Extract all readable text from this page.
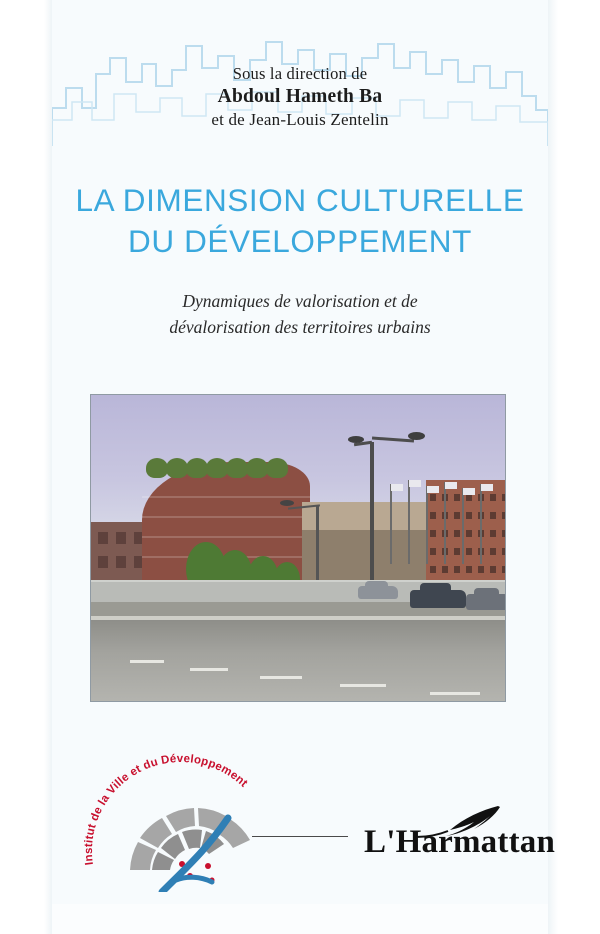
Sous la direction de
Abdoul Hameth Ba
et de Jean-Louis Zentelin
LA DIMENSION CULTURELLE
DU DÉVELOPPEMENT
Dynamiques de valorisation et de
dévalorisation des territoires urbains
Institut de la Ville et du Développement
L'Harmattan
